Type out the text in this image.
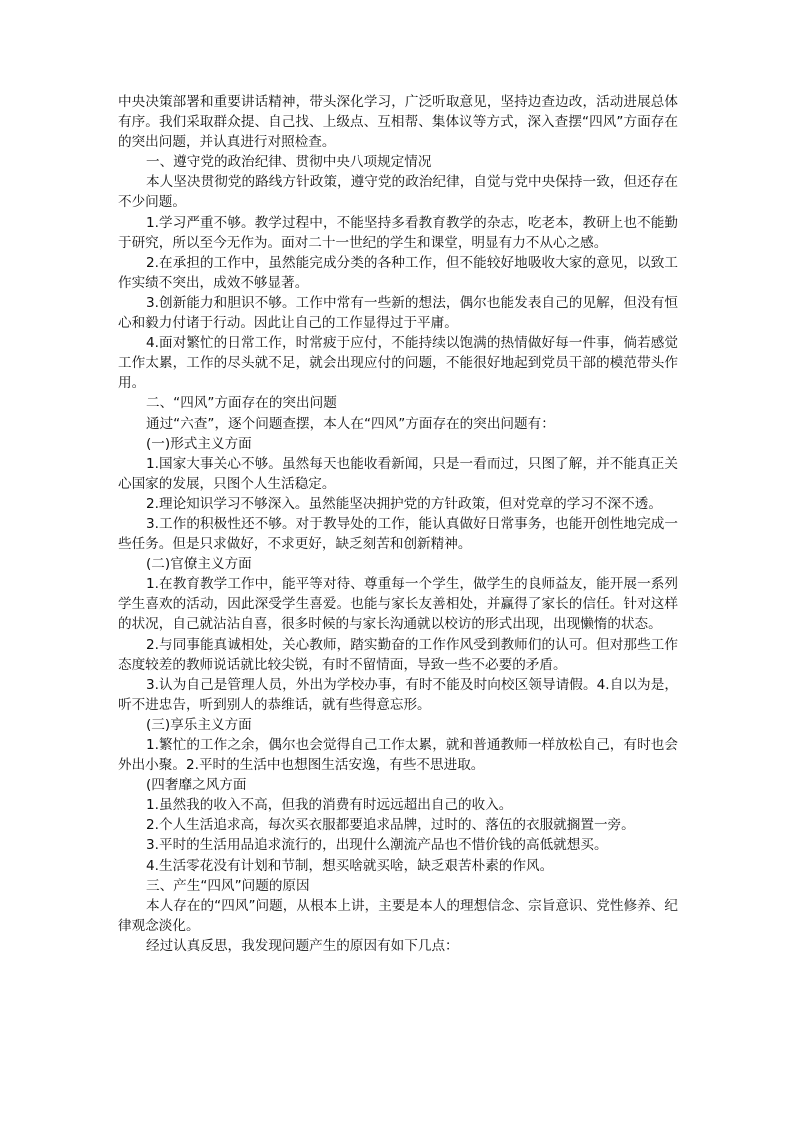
中央决策部署和重要讲话精神，带头深化学习，广泛听取意见，坚持边查边改，活动进展总体有序。我们采取群众提、自己找、上级点、互相帮、集体议等方式，深入查摆“四风”方面存在的突出问题，并认真进行对照检查。

一、遵守党的政治纪律、贯彻中央八项规定情况

本人坚决贯彻党的路线方针政策，遵守党的政治纪律，自觉与党中央保持一致，但还存在不少问题。

1.学习严重不够。教学过程中，不能坚持多看教育教学的杂志，吃老本，教研上也不能勤于研究，所以至今无作为。面对二十一世纪的学生和课堂，明显有力不从心之感。

2.在承担的工作中，虽然能完成分类的各种工作，但不能较好地吸收大家的意见，以致工作实绩不突出，成效不够显著。

3.创新能力和胆识不够。工作中常有一些新的想法，偶尔也能发表自己的见解，但没有恒心和毅力付诸于行动。因此让自己的工作显得过于平庸。

4.面对繁忙的日常工作，时常疲于应付，不能持续以饱满的热情做好每一件事，倘若感觉工作太累，工作的尽头就不足，就会出现应付的问题，不能很好地起到党员干部的模范带头作用。

二、“四风”方面存在的突出问题

通过“六查”，逐个问题查摆，本人在“四风”方面存在的突出问题有：

(一)形式主义方面

1.国家大事关心不够。虽然每天也能收看新闻，只是一看而过，只图了解，并不能真正关心国家的发展，只图个人生活稳定。

2.理论知识学习不够深入。虽然能坚决拥护党的方针政策，但对党章的学习不深不透。

3.工作的积极性还不够。对于教导处的工作，能认真做好日常事务，也能开创性地完成一些任务。但是只求做好，不求更好，缺乏刻苦和创新精神。

(二)官僚主义方面

1.在教育教学工作中，能平等对待、尊重每一个学生，做学生的良师益友，能开展一系列学生喜欢的活动，因此深受学生喜爱。也能与家长友善相处，并赢得了家长的信任。针对这样的状况，自己就沾沾自喜，很多时候的与家长沟通就以校访的形式出现，出现懒惰的状态。

2.与同事能真诚相处，关心教师，踏实勤奋的工作作风受到教师们的认可。但对那些工作态度较差的教师说话就比较尖锐，有时不留情面，导致一些不必要的矛盾。

3.认为自己是管理人员，外出为学校办事，有时不能及时向校区领导请假。4.自以为是，听不进忠告，听到别人的恭维话，就有些得意忘形。

(三)享乐主义方面

1.繁忙的工作之余，偶尔也会觉得自己工作太累，就和普通教师一样放松自己，有时也会外出小聚。2.平时的生活中也想图生活安逸，有些不思进取。

(四奢靡之风方面

1.虽然我的收入不高，但我的消费有时远远超出自己的收入。

2.个人生活追求高，每次买衣服都要追求品牌，过时的、落伍的衣服就搁置一旁。

3.平时的生活用品追求流行的，出现什么潮流产品也不惜价钱的高低就想买。

4.生活零花没有计划和节制，想买啥就买啥，缺乏艰苦朴素的作风。

三、产生“四风”问题的原因

本人存在的“四风”问题，从根本上讲，主要是本人的理想信念、宗旨意识、党性修养、纪律观念淡化。

经过认真反思，我发现问题产生的原因有如下几点：
